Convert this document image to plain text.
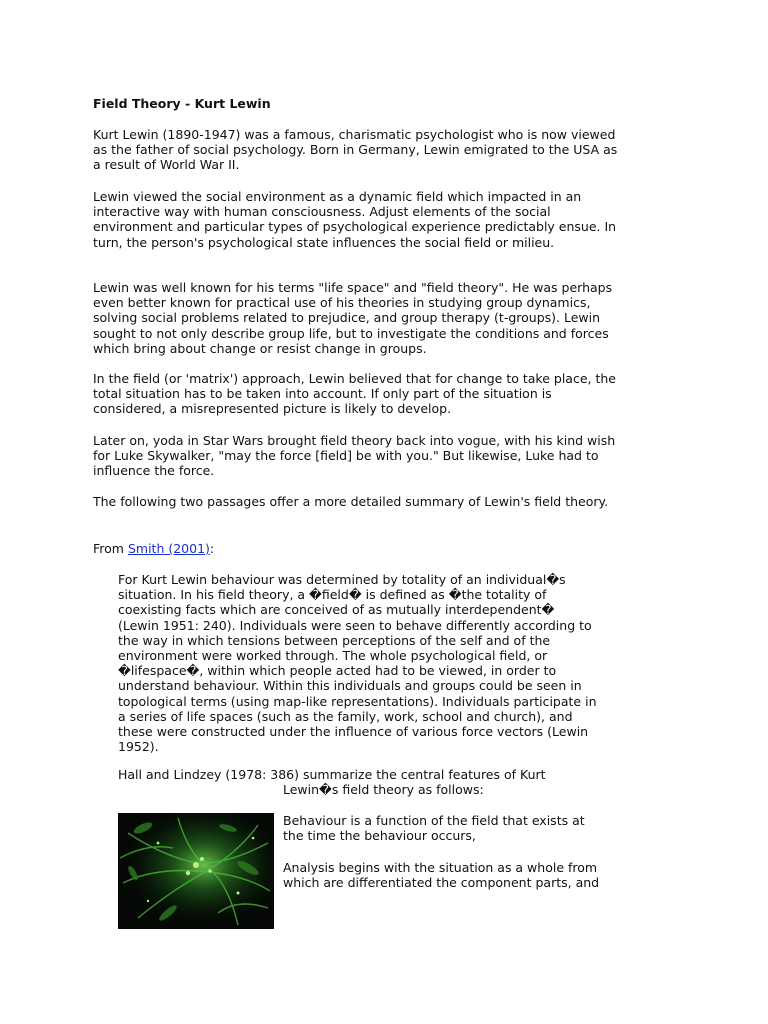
Field Theory - Kurt Lewin

Kurt Lewin (1890-1947) was a famous, charismatic psychologist who is now viewed as the father of social psychology. Born in Germany, Lewin emigrated to the USA as a result of World War II.

Lewin viewed the social environment as a dynamic field which impacted in an interactive way with human consciousness. Adjust elements of the social environment and particular types of psychological experience predictably ensue. In turn, the person's psychological state influences the social field or milieu.

Lewin was well known for his terms "life space" and "field theory". He was perhaps even better known for practical use of his theories in studying group dynamics, solving social problems related to prejudice, and group therapy (t-groups). Lewin sought to not only describe group life, but to investigate the conditions and forces which bring about change or resist change in groups.

In the field (or 'matrix') approach, Lewin believed that for change to take place, the total situation has to be taken into account. If only part of the situation is considered, a misrepresented picture is likely to develop.

Later on, yoda in Star Wars brought field theory back into vogue, with his kind wish for Luke Skywalker, "may the force [field] be with you." But likewise, Luke had to influence the force.

The following two passages offer a more detailed summary of Lewin's field theory.

From Smith (2001):

For Kurt Lewin behaviour was determined by totality of an individual�s situation. In his field theory, a �field� is defined as �the totality of coexisting facts which are conceived of as mutually interdependent� (Lewin 1951: 240). Individuals were seen to behave differently according to the way in which tensions between perceptions of the self and of the environment were worked through. The whole psychological field, or �lifespace�, within which people acted had to be viewed, in order to understand behaviour. Within this individuals and groups could be seen in topological terms (using map-like representations). Individuals participate in a series of life spaces (such as the family, work, school and church), and these were constructed under the influence of various force vectors (Lewin 1952).

Hall and Lindzey (1978: 386) summarize the central features of Kurt
Lewin�s field theory as follows:

Behaviour is a function of the field that exists at the time the behaviour occurs,

Analysis begins with the situation as a whole from which are differentiated the component parts, and
